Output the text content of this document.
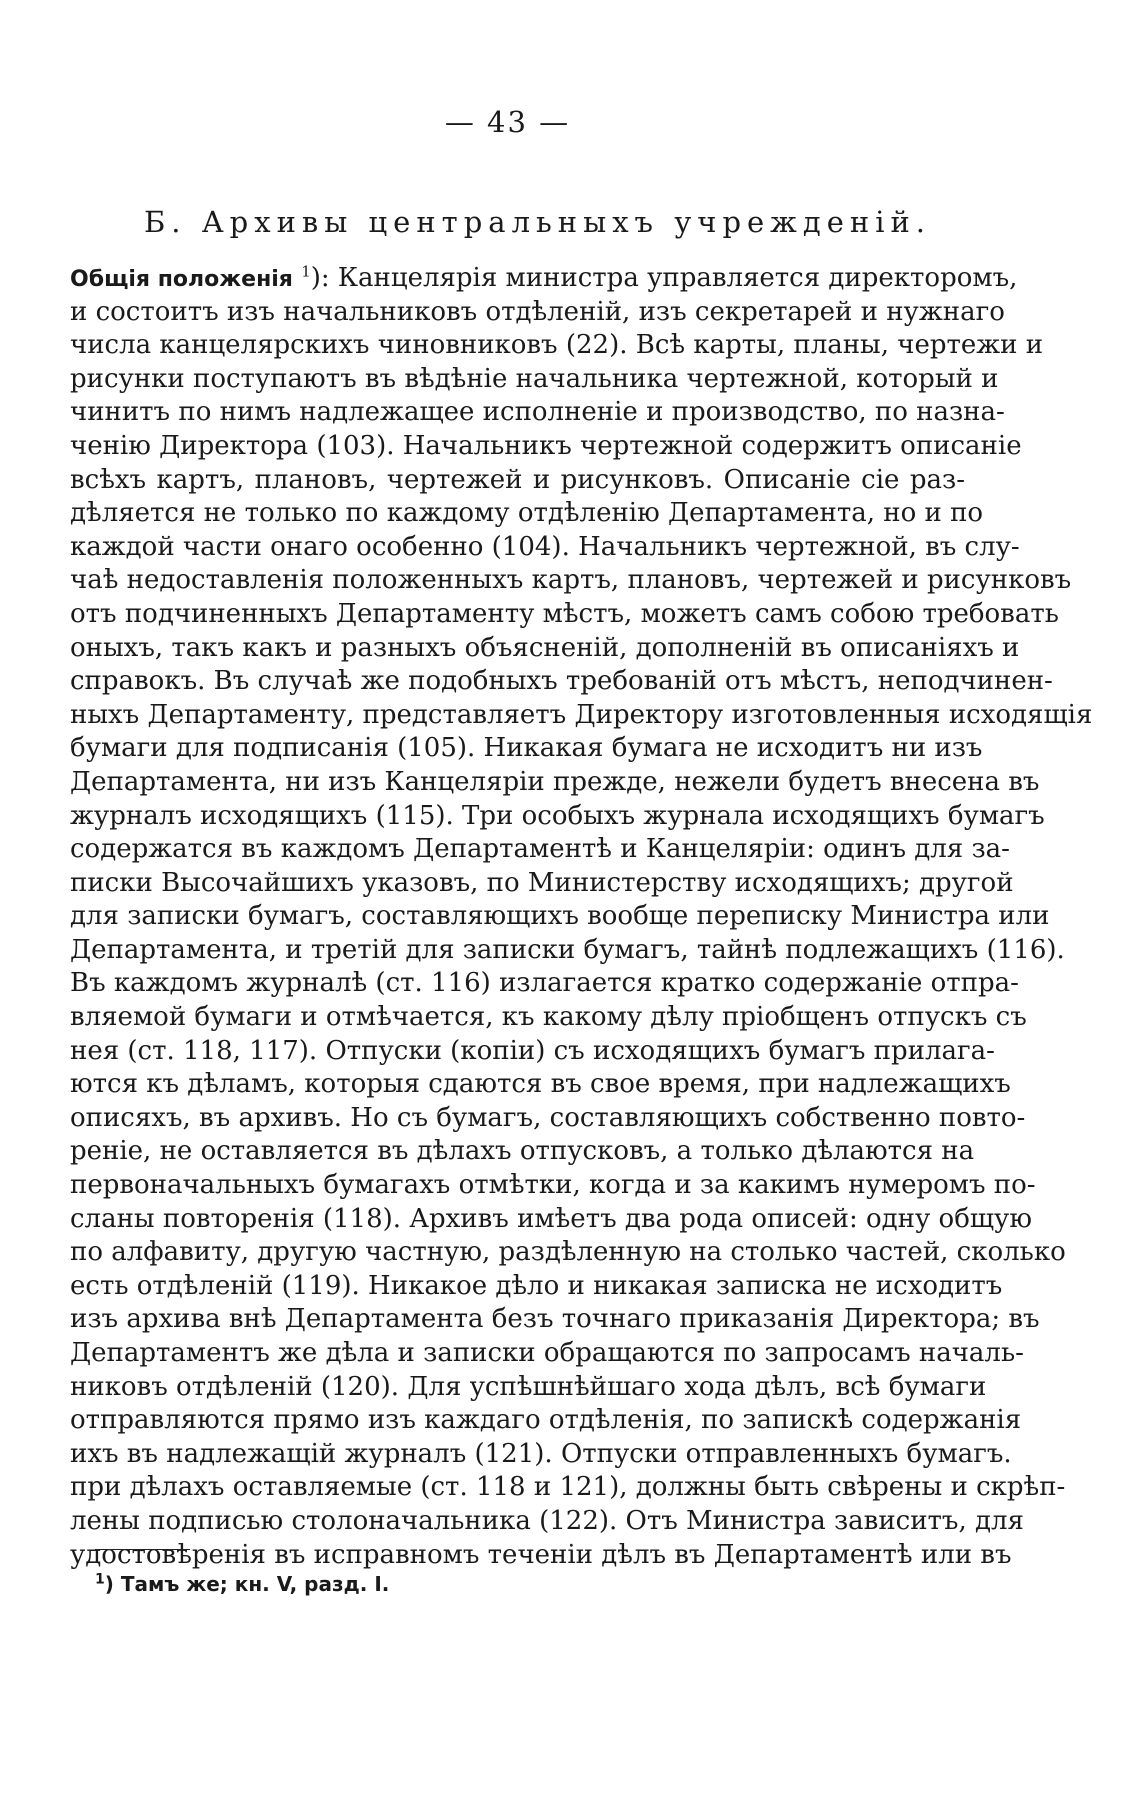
— 43 —
Б. Архивы центральныхъ учрежденій.
Общія положенія $^1$): Канцелярія министра управляется директоромъ,
и состоитъ изъ начальниковъ отдѣленій, изъ секретарей и нужнаго
числа канцелярскихъ чиновниковъ (22). Всѣ карты, планы, чертежи и
рисунки поступаютъ въ вѣдѣніе начальника чертежной, который и
чинитъ по нимъ надлежащее исполненіе и производство, по назна-
ченію Директора (103). Начальникъ чертежной содержитъ описаніе
всѣхъ картъ, плановъ, чертежей и рисунковъ. Описаніе сіе раз-
дѣляется не только по каждому отдѣленію Департамента, но и по
каждой части онаго особенно (104). Начальникъ чертежной, въ слу-
чаѣ недоставленія положенныхъ картъ, плановъ, чертежей и рисунковъ
отъ подчиненныхъ Департаменту мѣстъ, можетъ самъ собою требовать
оныхъ, такъ какъ и разныхъ объясненій, дополненій въ описаніяхъ и
справокъ. Въ случаѣ же подобныхъ требованій отъ мѣстъ, неподчинен-
ныхъ Департаменту, представляетъ Директору изготовленныя исходящія
бумаги для подписанія (105). Никакая бумага не исходитъ ни изъ
Департамента, ни изъ Канцеляріи прежде, нежели будетъ внесена въ
журналъ исходящихъ (115). Три особыхъ журнала исходящихъ бумагъ
содержатся въ каждомъ Департаментѣ и Канцеляріи: одинъ для за-
писки Высочайшихъ указовъ, по Министерству исходящихъ; другой
для записки бумагъ, составляющихъ вообще переписку Министра или
Департамента, и третій для записки бумагъ, тайнѣ подлежащихъ (116).
Въ каждомъ журналѣ (ст. 116) излагается кратко содержаніе отпра-
вляемой бумаги и отмѣчается, къ какому дѣлу пріобщенъ отпускъ съ
нея (ст. 118, 117). Отпуски (копіи) съ исходящихъ бумагъ прилага-
ются къ дѣламъ, которыя сдаются въ свое время, при надлежащихъ
описяхъ, въ архивъ. Но съ бумагъ, составляющихъ собственно повто-
реніе, не оставляется въ дѣлахъ отпусковъ, а только дѣлаются на
первоначальныхъ бумагахъ отмѣтки, когда и за какимъ нумеромъ по-
сланы повторенія (118). Архивъ имѣетъ два рода описей: одну общую
по алфавиту, другую частную, раздѣленную на столько частей, сколько
есть отдѣленій (119). Никакое дѣло и никакая записка не исходитъ
изъ архива внѣ Департамента безъ точнаго приказанія Директора; въ
Департаментъ же дѣла и записки обращаются по запросамъ началь-
никовъ отдѣленій (120). Для успѣшнѣйшаго хода дѣлъ, всѣ бумаги
отправляются прямо изъ каждаго отдѣленія, по запискѣ содержанія
ихъ въ надлежащій журналъ (121). Отпуски отправленныхъ бумагъ.
при дѣлахъ оставляемые (ст. 118 и 121), должны быть свѣрены и скрѣп-
лены подписью столоначальника (122). Отъ Министра зависитъ, для
удостовѣренія въ исправномъ теченіи дѣлъ въ Департаментѣ или въ
$^1$) Тамъ же; кн. V, разд. I.
